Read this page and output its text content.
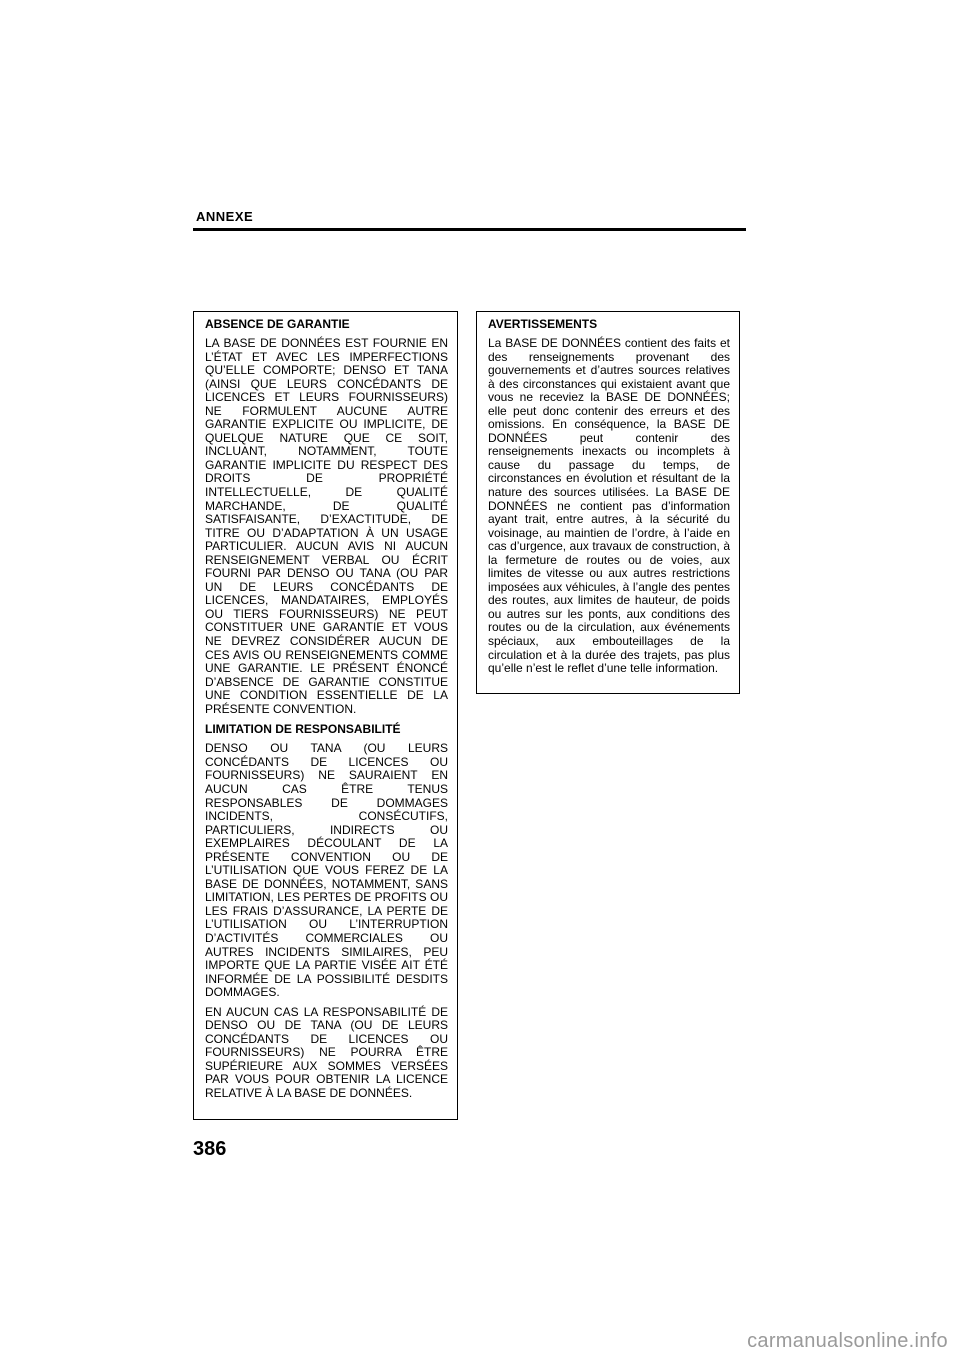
ANNEXE
ABSENCE DE GARANTIE

LA BASE DE DONNÉES EST FOURNIE EN L’ÉTAT ET AVEC LES IMPERFECTIONS QU’ELLE COMPORTE; DENSO ET TANA (AINSI QUE LEURS CONCÉDANTS DE LICENCES ET LEURS FOURNISSEURS) NE FORMULENT AUCUNE AUTRE GARANTIE EXPLICITE OU IMPLICITE, DE QUELQUE NATURE QUE CE SOIT, INCLUANT, NOTAMMENT, TOUTE GARANTIE IMPLICITE DU RESPECT DES DROITS DE PROPRIÉTÉ INTELLECTUELLE, DE QUALITÉ MARCHANDE, DE QUALITÉ SATISFAISANTE, D’EXACTITUDE, DE TITRE OU D’ADAPTATION À UN USAGE PARTICULIER. AUCUN AVIS NI AUCUN RENSEIGNEMENT VERBAL OU ÉCRIT FOURNI PAR DENSO OU TANA (OU PAR UN DE LEURS CONCÉDANTS DE LICENCES, MANDATAIRES, EMPLOYÉS OU TIERS FOURNISSEURS) NE PEUT CONSTITUER UNE GARANTIE ET VOUS NE DEVREZ CONSIDÉRER AUCUN DE CES AVIS OU RENSEIGNEMENTS COMME UNE GARANTIE. LE PRÉSENT ÉNONCÉ D’ABSENCE DE GARANTIE CONSTITUE UNE CONDITION ESSENTIELLE DE LA PRÉSENTE CONVENTION.

LIMITATION DE RESPONSABILITÉ

DENSO OU TANA (OU LEURS CONCÉDANTS DE LICENCES OU FOURNISSEURS) NE SAURAIENT EN AUCUN CAS ÊTRE TENUS RESPONSABLES DE DOMMAGES INCIDENTS, CONSÉCUTIFS, PARTICULIERS, INDIRECTS OU EXEMPLAIRES DÉCOULANT DE LA PRÉSENTE CONVENTION OU DE L’UTILISATION QUE VOUS FEREZ DE LA BASE DE DONNÉES, NOTAMMENT, SANS LIMITATION, LES PERTES DE PROFITS OU LES FRAIS D’ASSURANCE, LA PERTE DE L’UTILISATION OU L’INTERRUPTION D’ACTIVITÉS COMMERCIALES OU AUTRES INCIDENTS SIMILAIRES, PEU IMPORTE QUE LA PARTIE VISÉE AIT ÉTÉ INFORMÉE DE LA POSSIBILITÉ DESDITS DOMMAGES.

EN AUCUN CAS LA RESPONSABILITÉ DE DENSO OU DE TANA (OU DE LEURS CONCÉDANTS DE LICENCES OU FOURNISSEURS) NE POURRA ÊTRE SUPÉRIEURE AUX SOMMES VERSÉES PAR VOUS POUR OBTENIR LA LICENCE RELATIVE À LA BASE DE DONNÉES.

AVERTISSEMENTS

La BASE DE DONNÉES contient des faits et des renseignements provenant des gouvernements et d’autres sources relatives à des circonstances qui existaient avant que vous ne receviez la BASE DE DONNÉES; elle peut donc contenir des erreurs et des omissions. En conséquence, la BASE DE DONNÉES peut contenir des renseignements inexacts ou incomplets à cause du passage du temps, de circonstances en évolution et résultant de la nature des sources utilisées. La BASE DE DONNÉES ne contient pas d’information ayant trait, entre autres, à la sécurité du voisinage, au maintien de l’ordre, à l’aide en cas d’urgence, aux travaux de construction, à la fermeture de routes ou de voies, aux limites de vitesse ou aux autres restrictions imposées aux véhicules, à l’angle des pentes des routes, aux limites de hauteur, de poids ou autres sur les ponts, aux conditions des routes ou de la circulation, aux événements spéciaux, aux embouteillages de la circulation et à la durée des trajets, pas plus qu’elle n’est le reflet d’une telle information.

386
carmanualsonline.info
